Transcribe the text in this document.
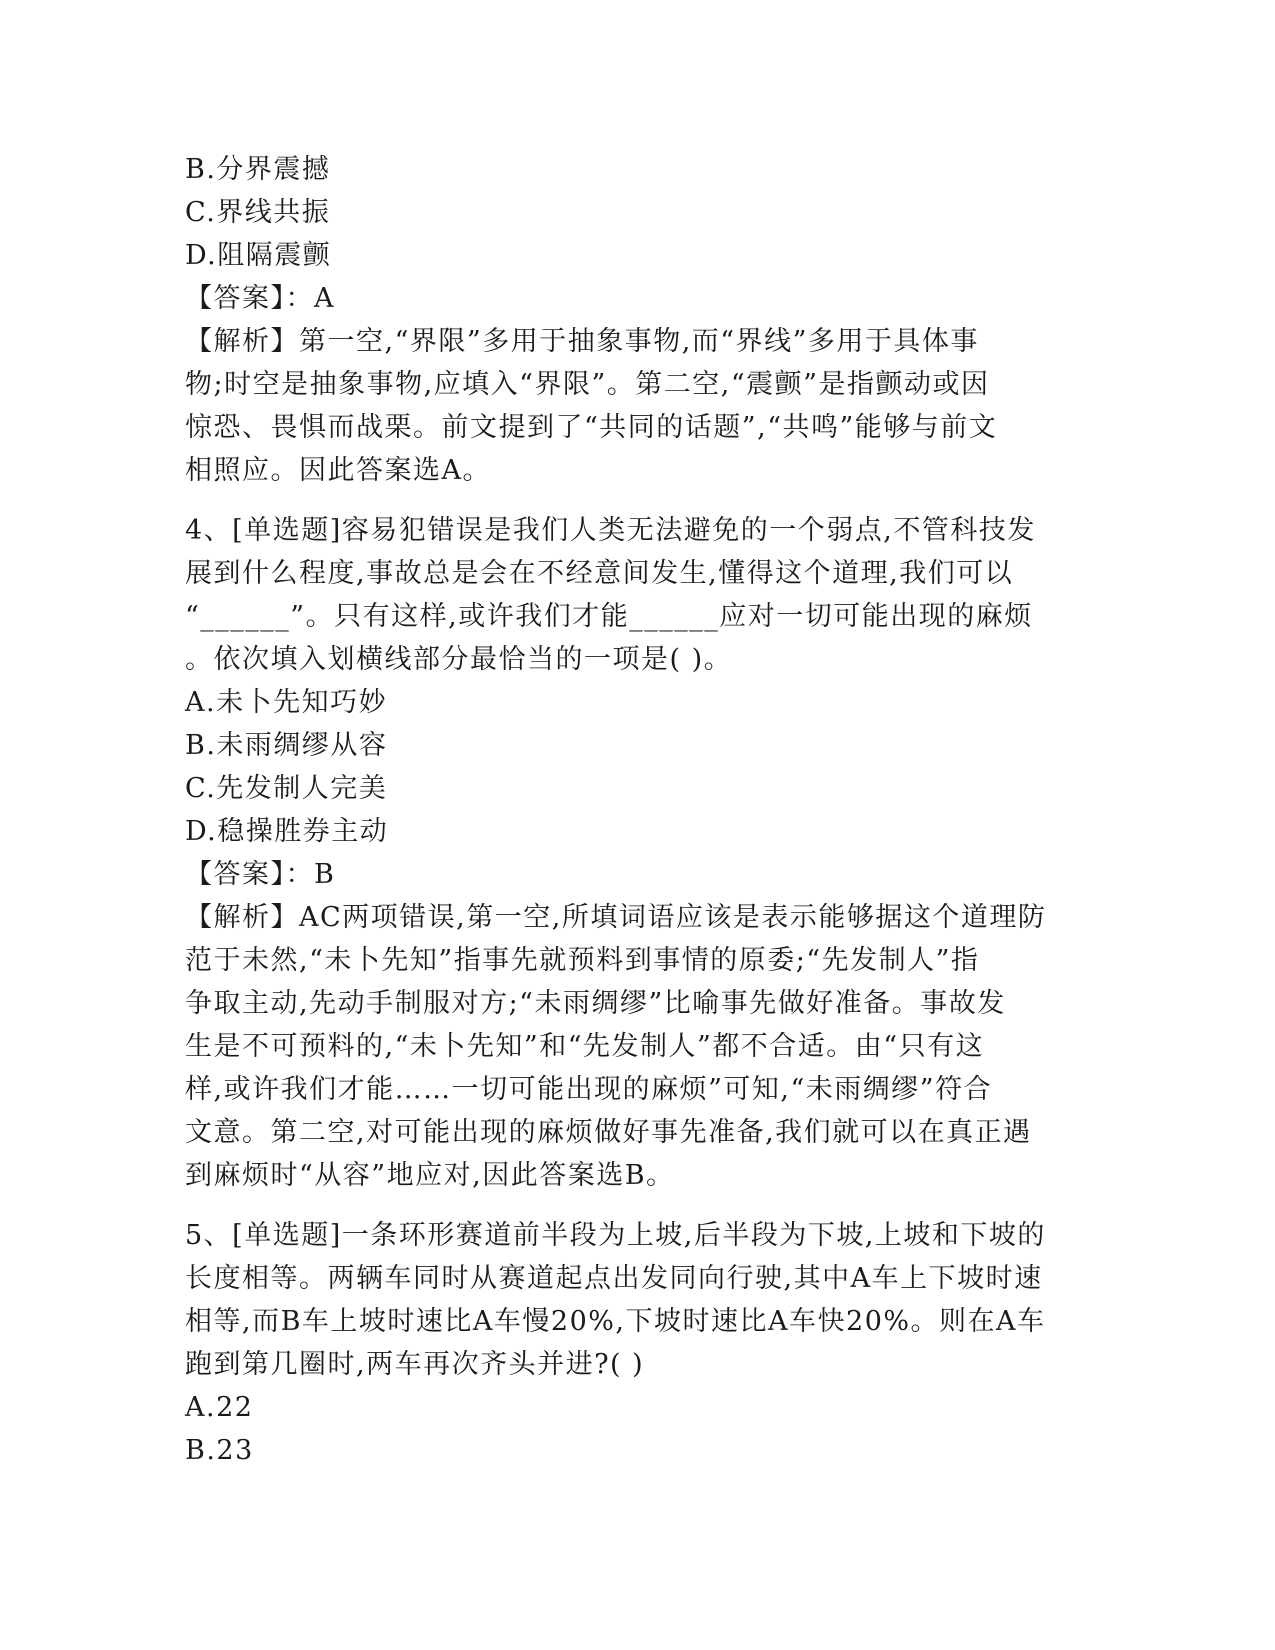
B.分界震撼
C.界线共振
D.阻隔震颤
【答案】：A
【解析】第一空,“界限”多用于抽象事物,而“界线”多用于具体事
物;时空是抽象事物,应填入“界限”。第二空,“震颤”是指颤动或因
惊恐、畏惧而战栗。前文提到了“共同的话题”,“共鸣”能够与前文
相照应。因此答案选A。
4、[单选题]容易犯错误是我们人类无法避免的一个弱点,不管科技发
展到什么程度,事故总是会在不经意间发生,懂得这个道理,我们可以
“______”。只有这样,或许我们才能______应对一切可能出现的麻烦
。依次填入划横线部分最恰当的一项是( )。
A.未卜先知巧妙
B.未雨绸缪从容
C.先发制人完美
D.稳操胜券主动
【答案】：B
【解析】AC两项错误,第一空,所填词语应该是表示能够据这个道理防
范于未然,“未卜先知”指事先就预料到事情的原委;“先发制人”指
争取主动,先动手制服对方;“未雨绸缪”比喻事先做好准备。事故发
生是不可预料的,“未卜先知”和“先发制人”都不合适。由“只有这
样,或许我们才能……一切可能出现的麻烦”可知,“未雨绸缪”符合
文意。第二空,对可能出现的麻烦做好事先准备,我们就可以在真正遇
到麻烦时“从容”地应对,因此答案选B。
5、[单选题]一条环形赛道前半段为上坡,后半段为下坡,上坡和下坡的
长度相等。两辆车同时从赛道起点出发同向行驶,其中A车上下坡时速
相等,而B车上坡时速比A车慢20%,下坡时速比A车快20%。则在A车
跑到第几圈时,两车再次齐头并进?( )
A.22
B.23
